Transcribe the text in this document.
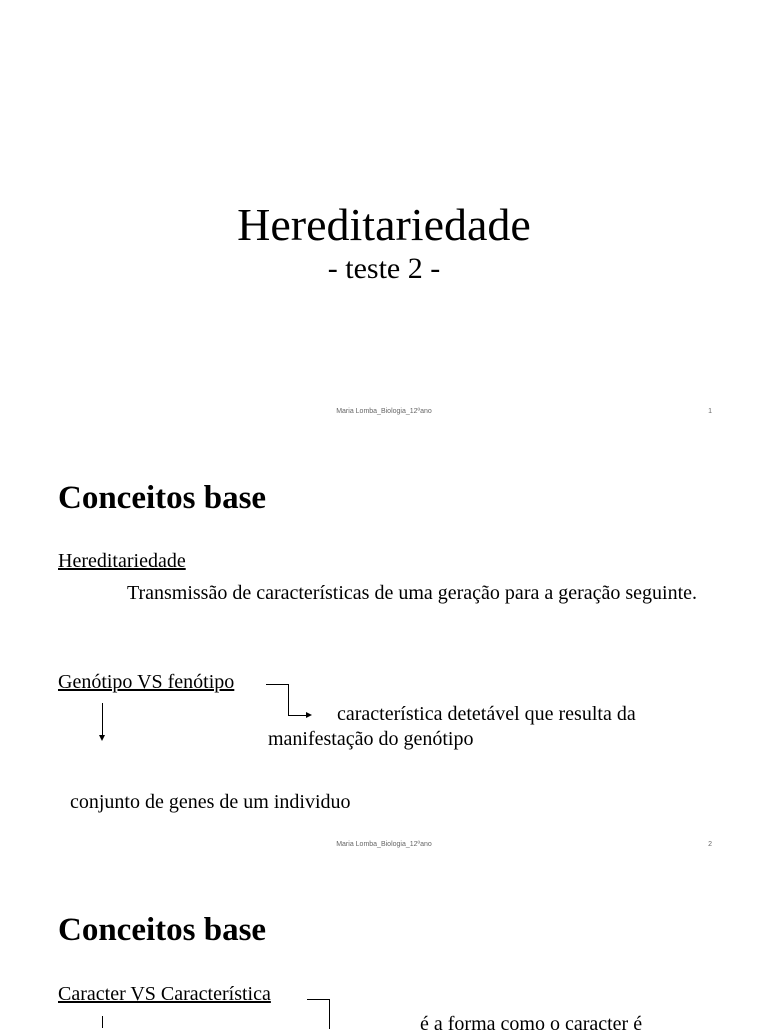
Hereditariedade
- teste 2 -
Maria Lomba_Biologia_12ºano	1
Conceitos base
Hereditariedade
Transmissão de características de uma geração para a geração seguinte.
Genótipo VS fenótipo
característica detetável que resulta da
manifestação do genótipo
conjunto de genes de um individuo
Maria Lomba_Biologia_12ºano	2
Conceitos base
Caracter VS Característica
é a forma como o caracter é
